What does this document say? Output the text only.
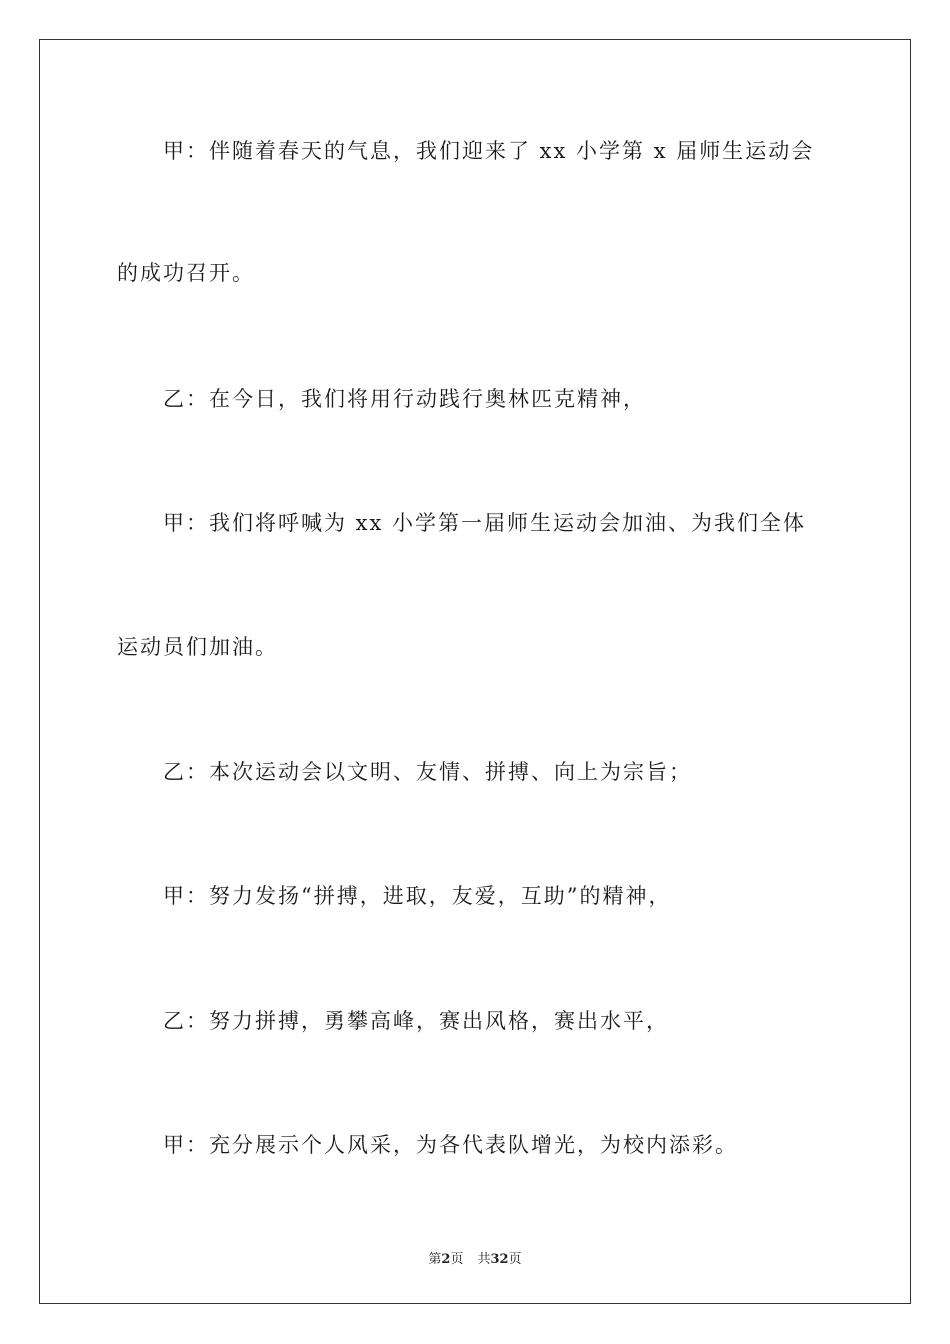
　　甲：伴随着春天的气息，我们迎来了 xx 小学第 x 届师生运动会
的成功召开。
　　乙：在今日，我们将用行动践行奥林匹克精神，
　　甲：我们将呼喊为 xx 小学第一届师生运动会加油、为我们全体
运动员们加油。
　　乙：本次运动会以文明、友情、拼搏、向上为宗旨；
　　甲：努力发扬“拼搏，进取，友爱，互助”的精神，
　　乙：努力拼搏，勇攀高峰，赛出风格，赛出水平，
　　甲：充分展示个人风采，为各代表队增光，为校内添彩。
第2页 共32页
